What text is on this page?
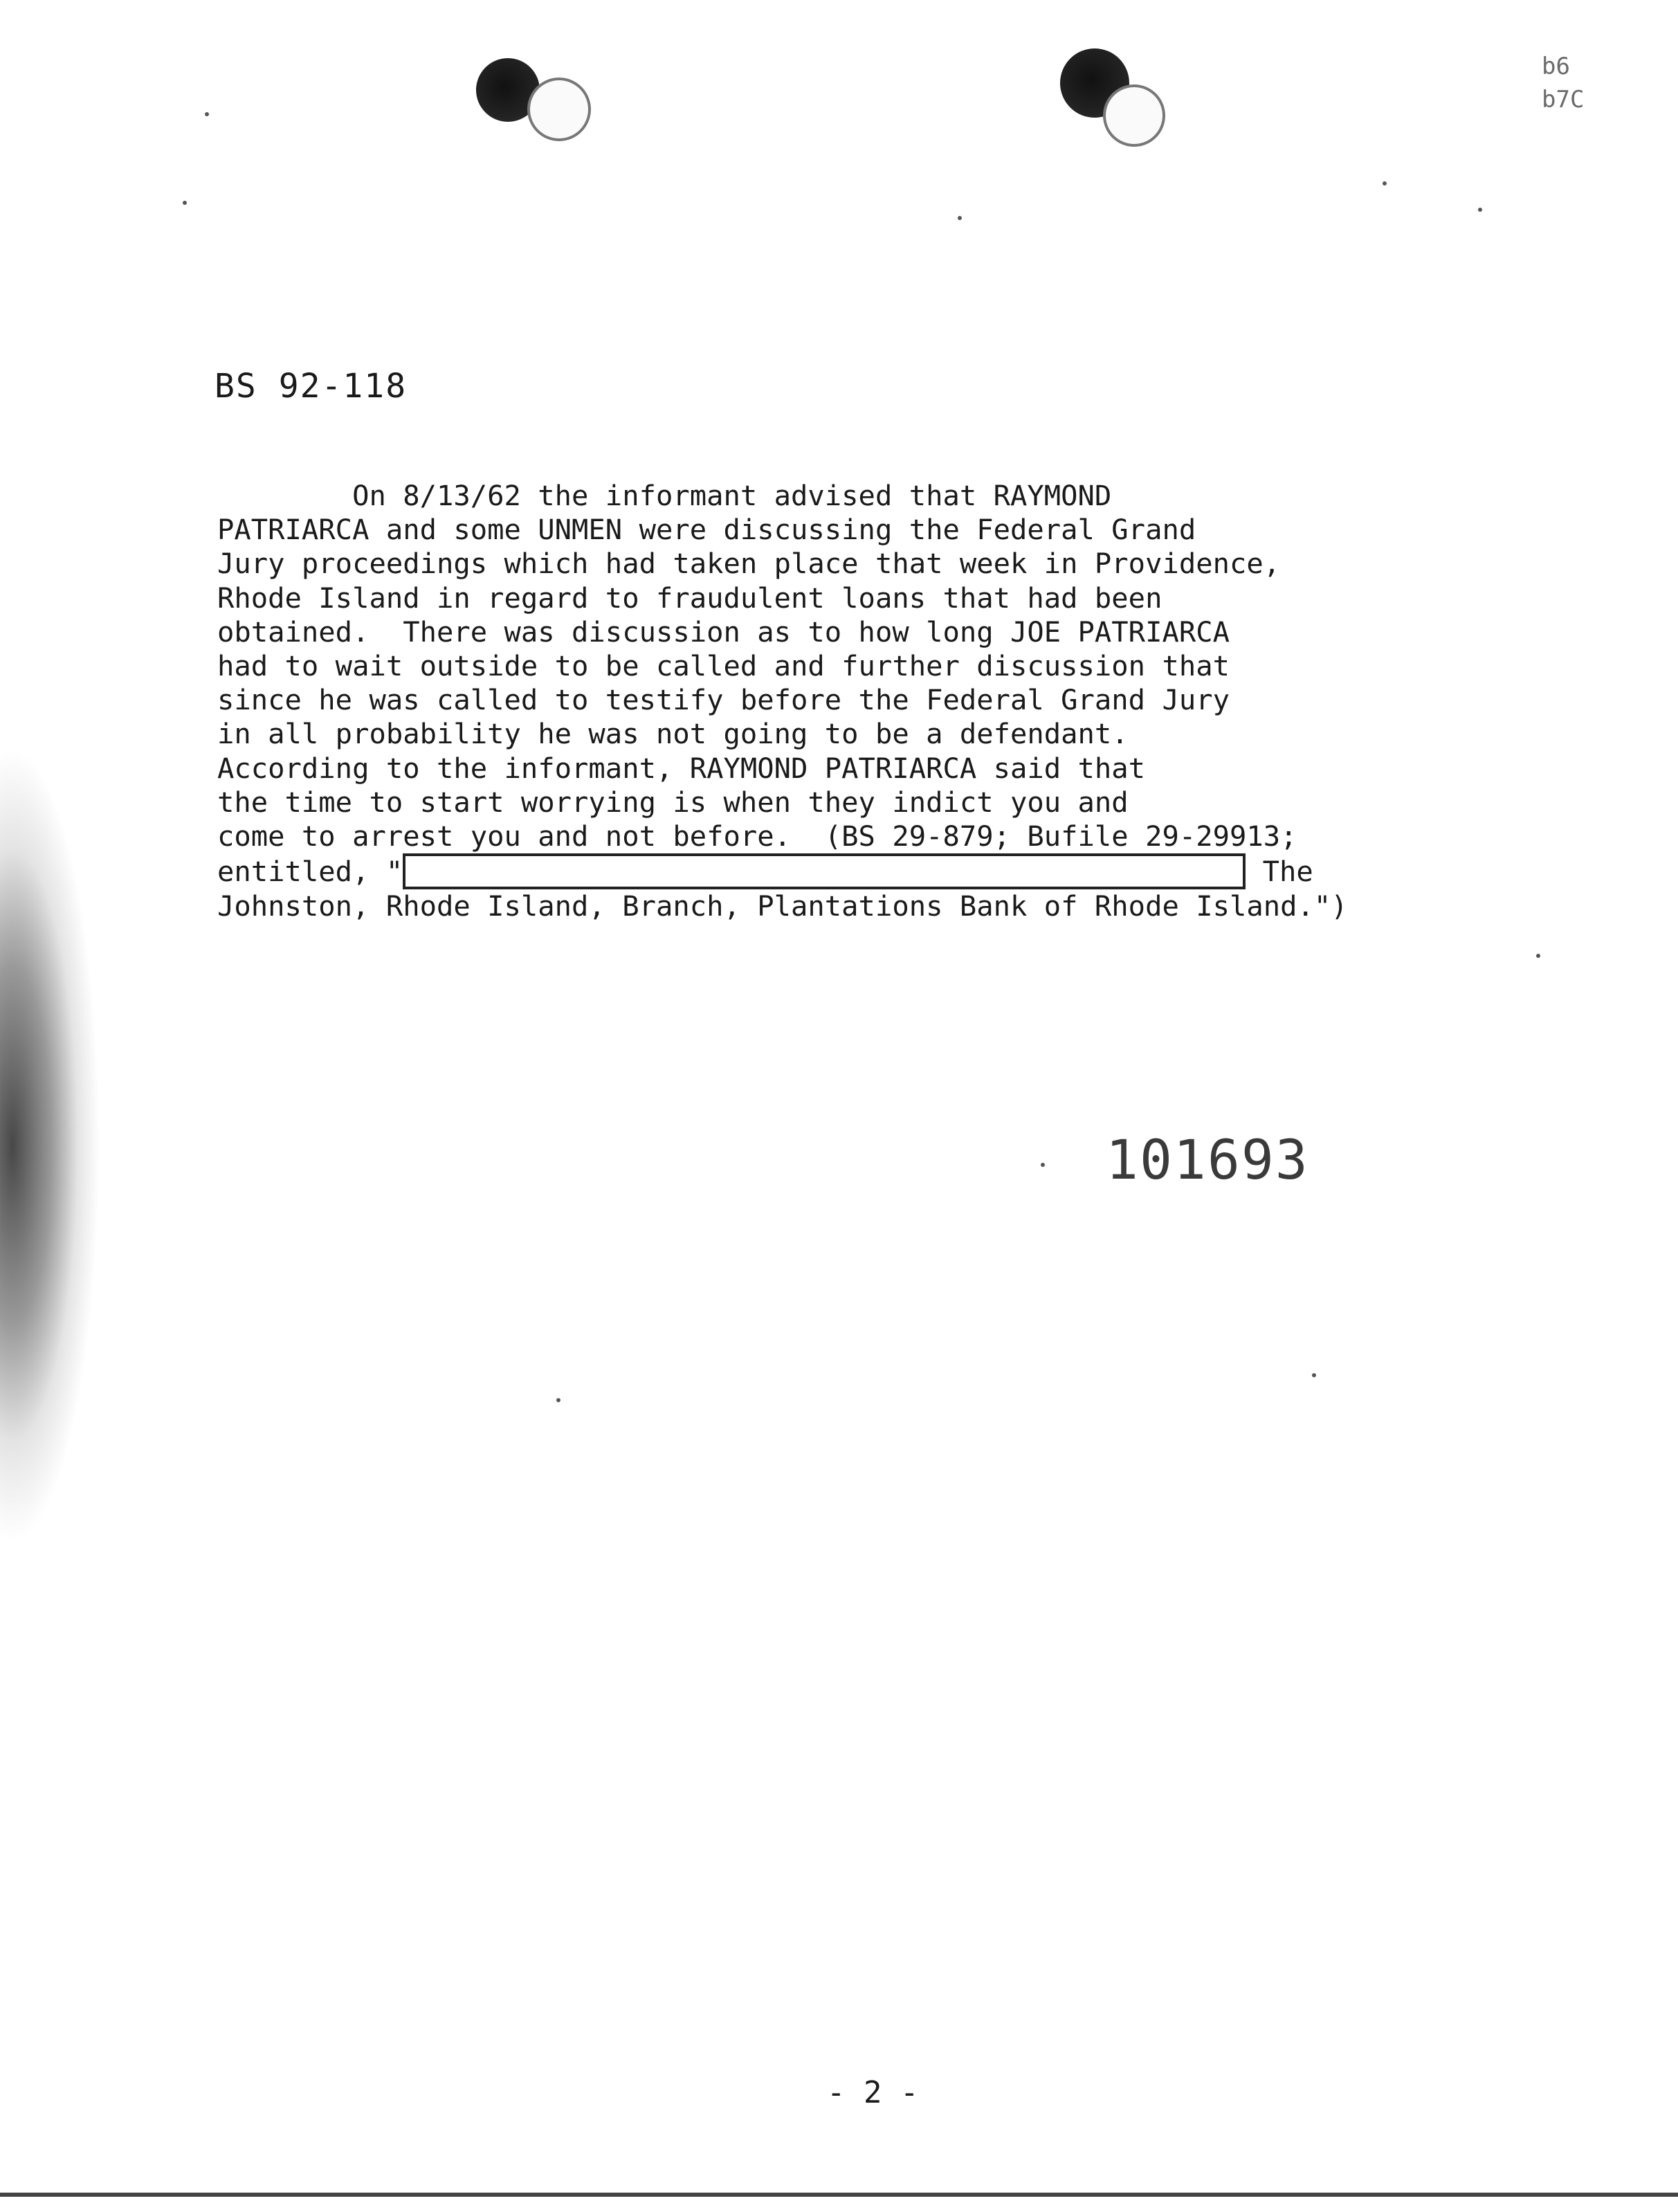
b6
b7C
BS 92-118
On 8/13/62 the informant advised that RAYMOND
PATRIARCA and some UNMEN were discussing the Federal Grand
Jury proceedings which had taken place that week in Providence,
Rhode Island in regard to fraudulent loans that had been
obtained.  There was discussion as to how long JOE PATRIARCA
had to wait outside to be called and further discussion that
since he was called to testify before the Federal Grand Jury
in all probability he was not going to be a defendant.
According to the informant, RAYMOND PATRIARCA said that
the time to start worrying is when they indict you and
come to arrest you and not before.  (BS 29-879; Bufile 29-29913;
entitled, "	The
Johnston, Rhode Island, Branch, Plantations Bank of Rhode Island.")
101693
- 2 -
